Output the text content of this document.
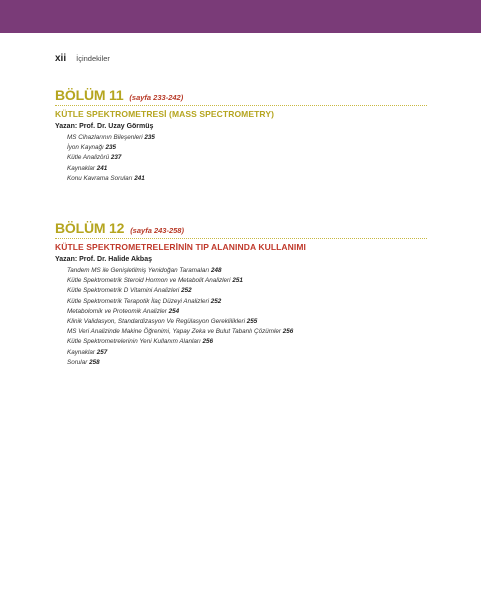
xii İçindekiler
BÖLÜM 11 (sayfa 233-242)
KÜTLE SPEKTROMETRESİ (MASS SPECTROMETRY)
Yazan: Prof. Dr. Uzay Görmüş
MS Cihazlarının Bileşenleri 235
İyon Kaynağı 235
Kütle Analizörü 237
Kaynaklar 241
Konu Kavrama Soruları 241
BÖLÜM 12 (sayfa 243-258)
KÜTLE SPEKTROMETRELERİNİN TIP ALANINDA KULLANIMI
Yazan: Prof. Dr. Halide Akbaş
Tandem MS ile Genişletilmiş Yenidoğan Taramaları 248
Kütle Spektrometrik Steroid Hormon ve Metabolit Analizleri 251
Kütle Spektrometrik D Vitamini Analizleri 252
Kütle Spektrometrik Terapotik İlaç Düzeyi Analizleri 252
Metabolomik ve Proteomik Analizler 254
Klinik Validasyon, Standardizasyon Ve Regülasyon Gereklilikleri 255
MS Veri Analizinde Makine Öğrenimi, Yapay Zeka ve Bulut Tabanlı Çözümler 256
Kütle Spektrometrelerinin Yeni Kullanım Alanları 256
Kaynaklar 257
Sorular 258
